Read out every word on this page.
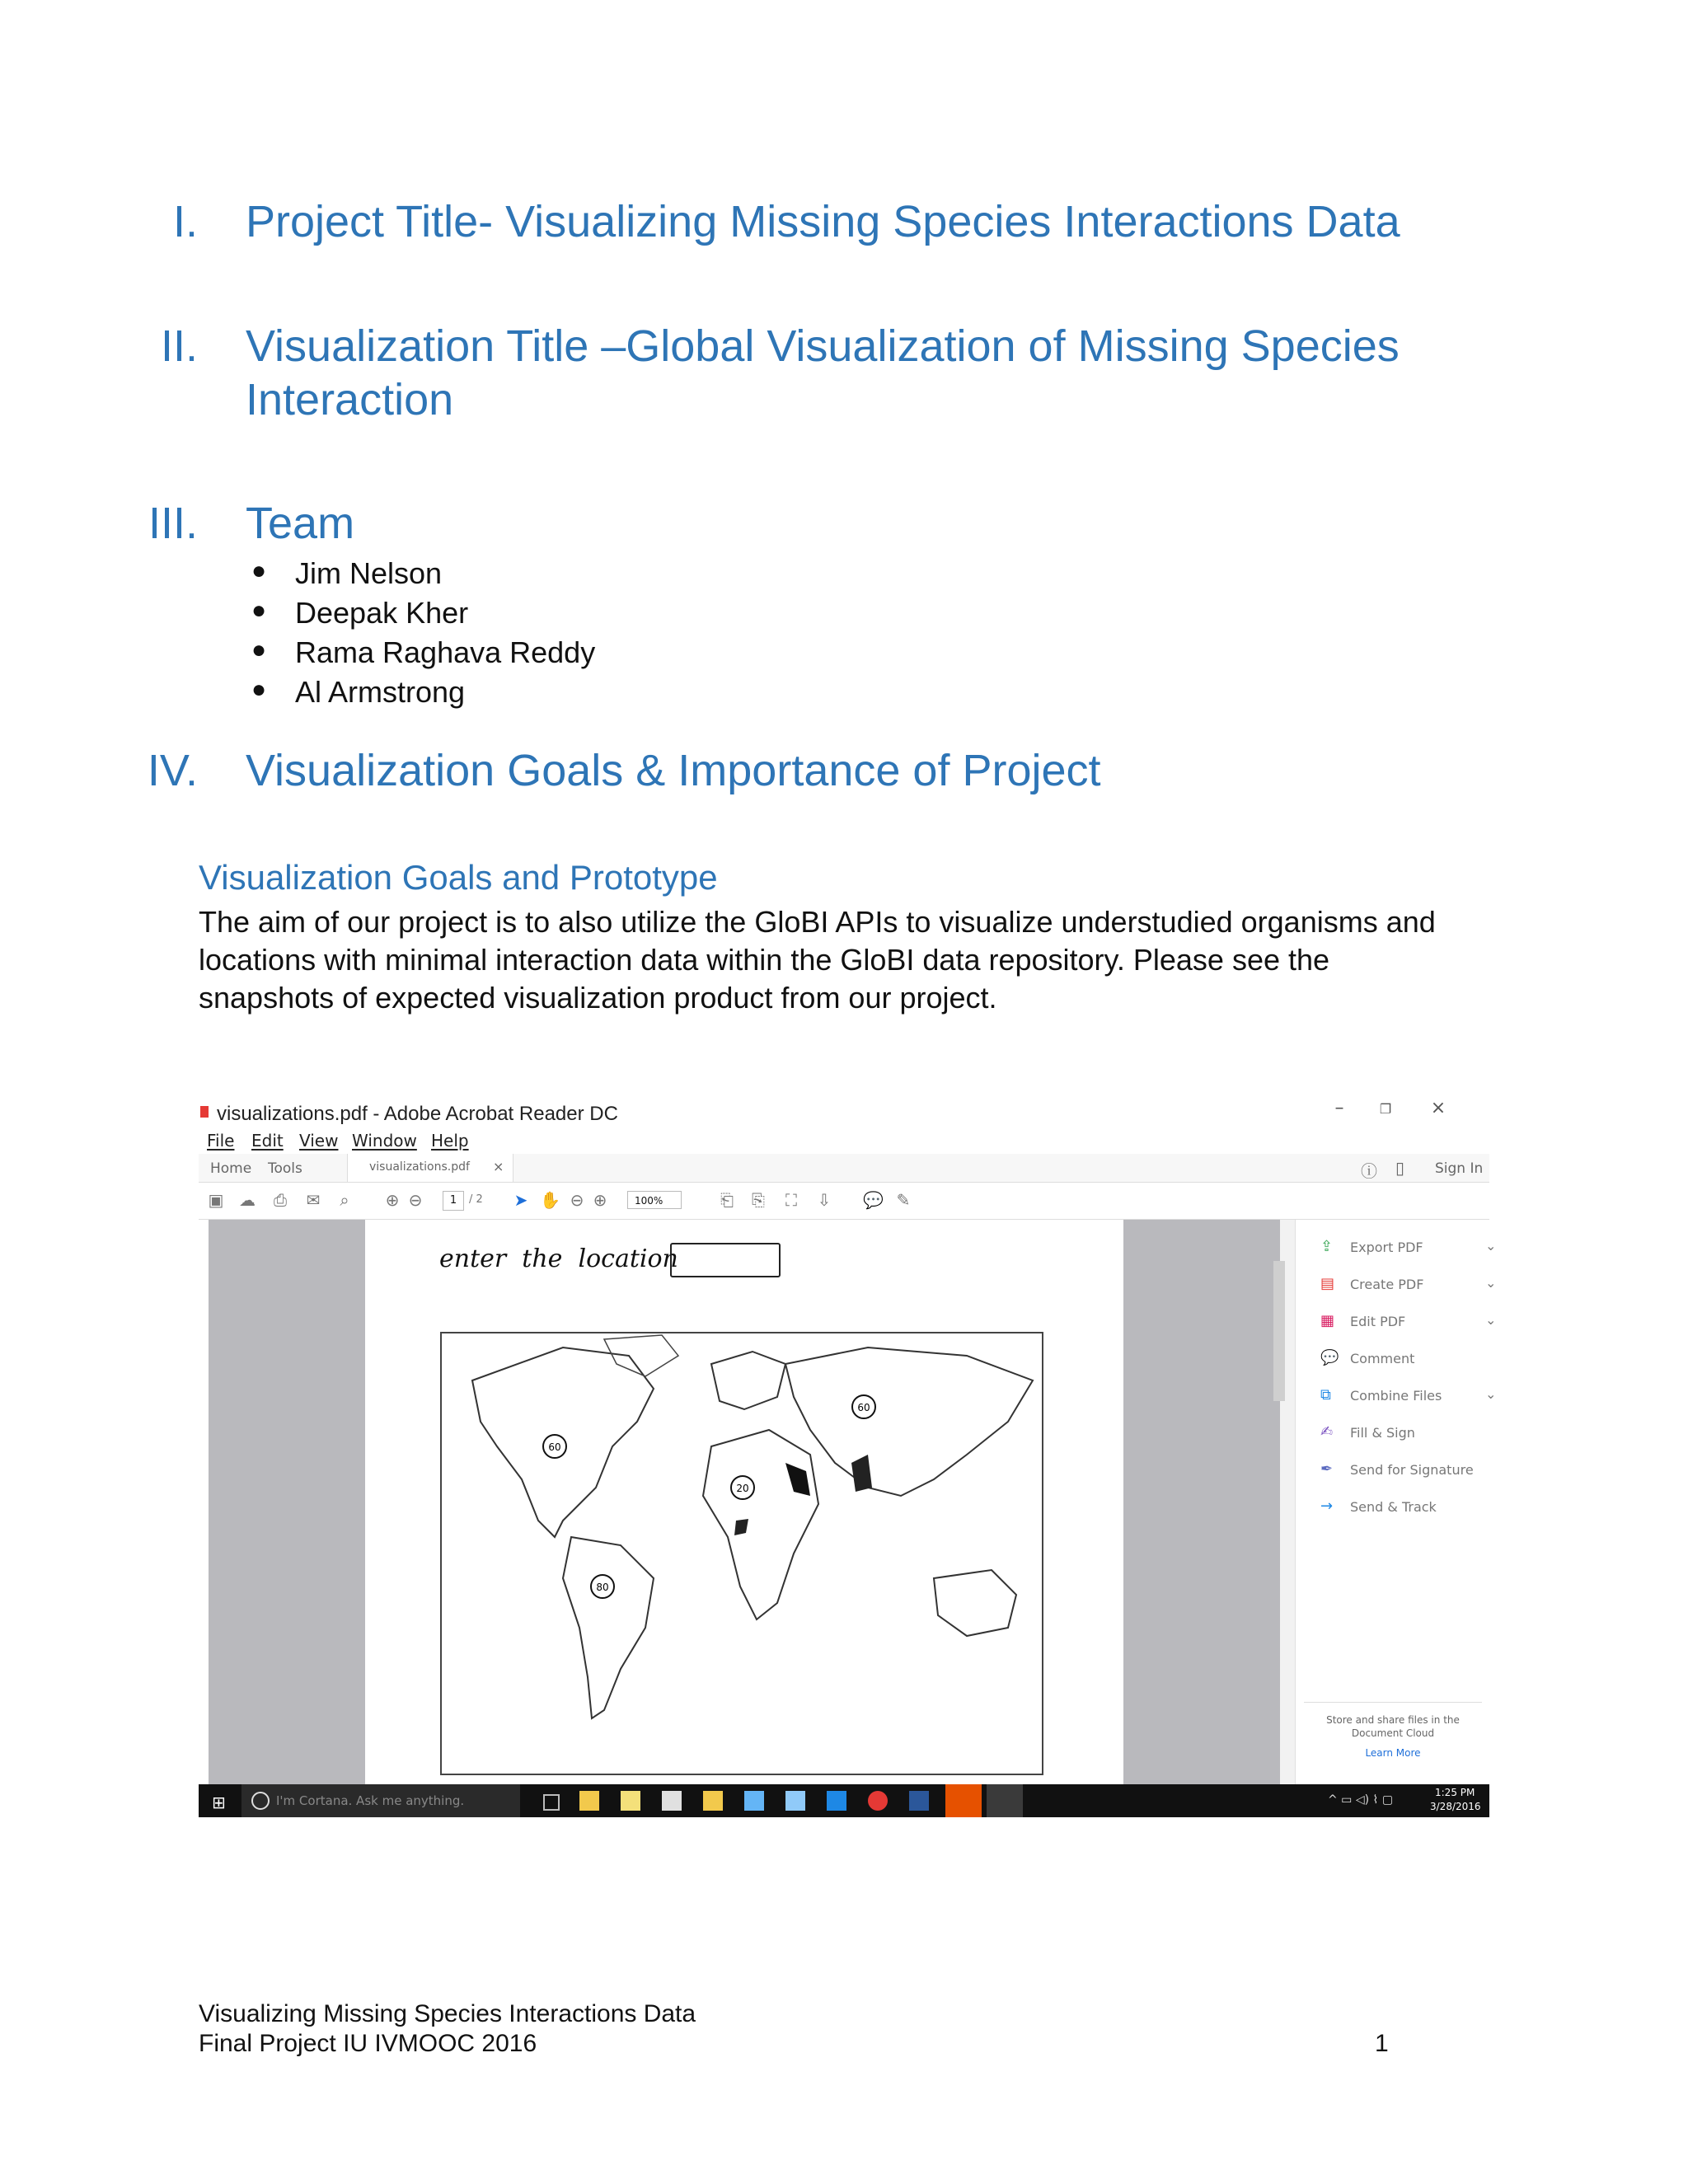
I. Project Title- Visualizing Missing Species Interactions Data
II. Visualization Title –Global Visualization of Missing Species
Interaction
III. Team
● Jim Nelson
● Deepak Kher
● Rama Raghava Reddy
● Al Armstrong
IV. Visualization Goals & Importance of Project
Visualization Goals and Prototype
The aim of our project is to also utilize the GloBI APIs to visualize understudied organisms and
locations with minimal interaction data within the GloBI data repository. Please see the
snapshots of expected visualization product from our project.
visualizations.pdf - Adobe Acrobat Reader DC	–	❐	×
File Edit View Window Help
Home Tools	visualizations.pdf ×	ⓘ ▯ Sign In
▣ ☁ ⎙ ✉ ⌕ ⊕ ⊖	1	/ 2 ➤ ✋ ⊖ ⊕	100%	⎗ ⎘ ⛶ ⇩ 💬 ✎
enter  the  location
60
60
20
80
⇪	Export PDF	⌄
▤	Create PDF	⌄
▦	Edit PDF	⌄
💬 Comment
⧉	Combine Files	⌄
✍	Fill & Sign
✒	Send for Signature
→	Send & Track
Store and share files in the
Document Cloud
Learn More
⊞	I'm Cortana. Ask me anything.	^ ▭ ◁) ⌇ ▢
1:25 PM
3/28/2016
Visualizing Missing Species Interactions Data
Final Project IU IVMOOC 2016	1
